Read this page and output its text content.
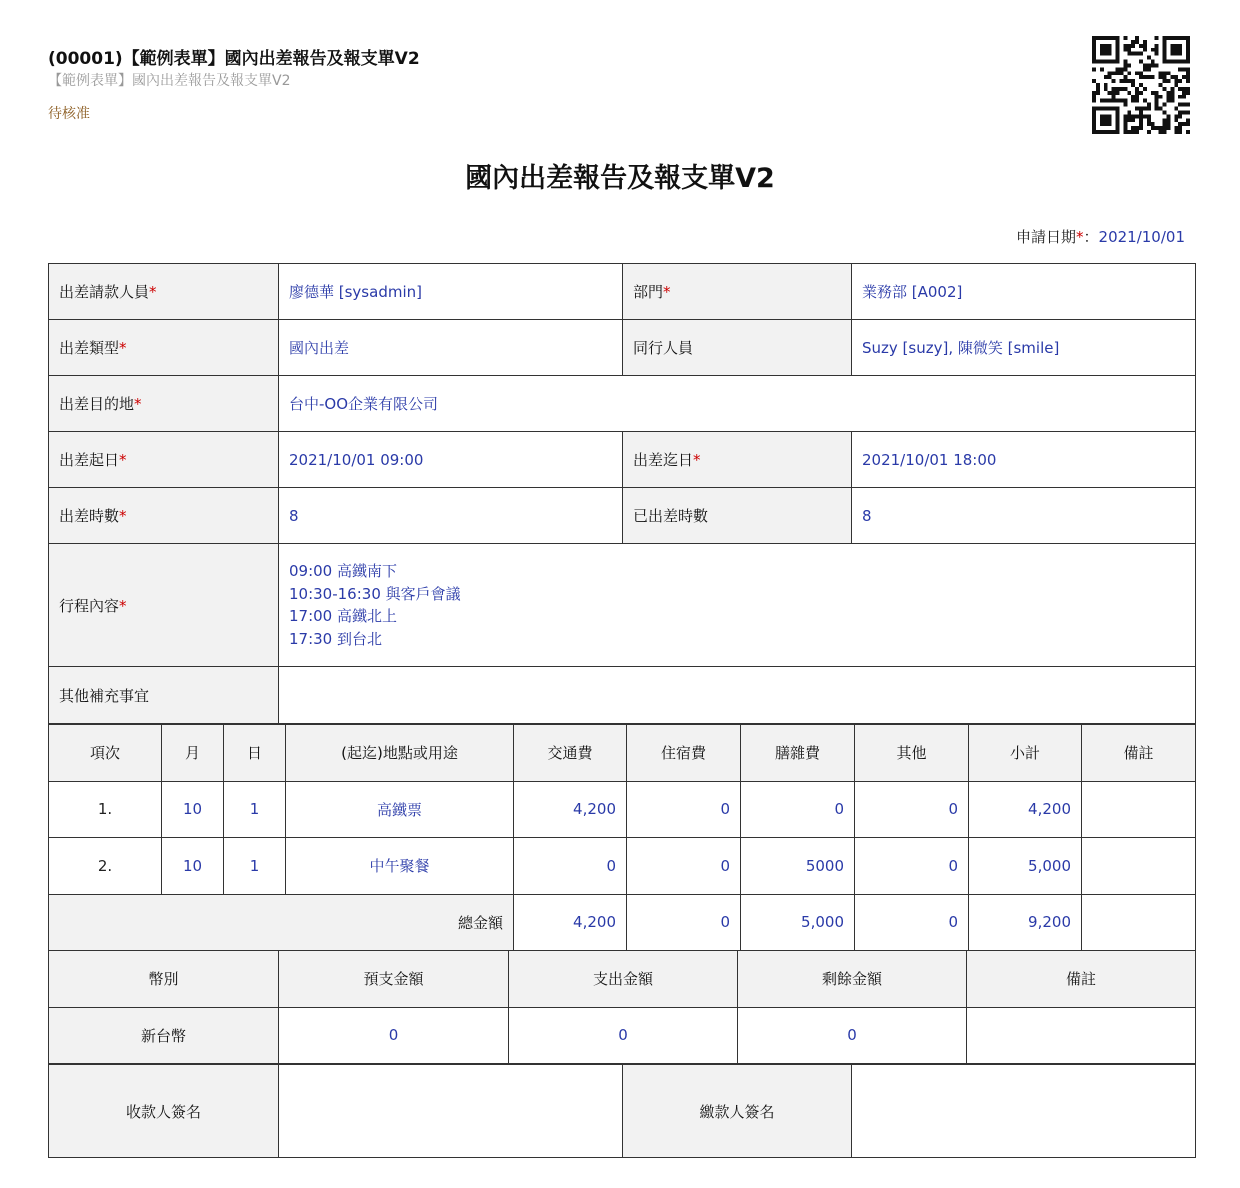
(00001)【範例表單】國內出差報告及報支單V2
【範例表單】國內出差報告及報支單V2
待核准
國內出差報告及報支單V2
申請日期*：2021/10/01
出差請款人員*	廖德華 [sysadmin]	部門*	業務部 [A002]
出差類型*	國內出差	同行人員	Suzy [suzy], 陳微笑 [smile]
出差目的地*	台中-OO企業有限公司		
出差起日*	2021/10/01 09:00	出差迄日*	2021/10/01 18:00
出差時數*	8	已出差時數	8
行程內容*	09:00 高鐵南下
10:30-16:30 與客戶會議
17:00 高鐵北上
17:30 到台北		

其他補充事宜			
項次	月	日	(起迄)地點或用途	交通費	住宿費	膳雜費	其他	小計	備註
1.	10	1	高鐵票	4,200	0	0	0	4,200	
2.	10	1	中午聚餐	0	0	5000	0	5,000	
總金額				4,200	0	5,000	0	9,200	
幣別	預支金額	支出金額	剩餘金額	備註
新台幣	0	0	0	
收款人簽名		繳款人簽名	
